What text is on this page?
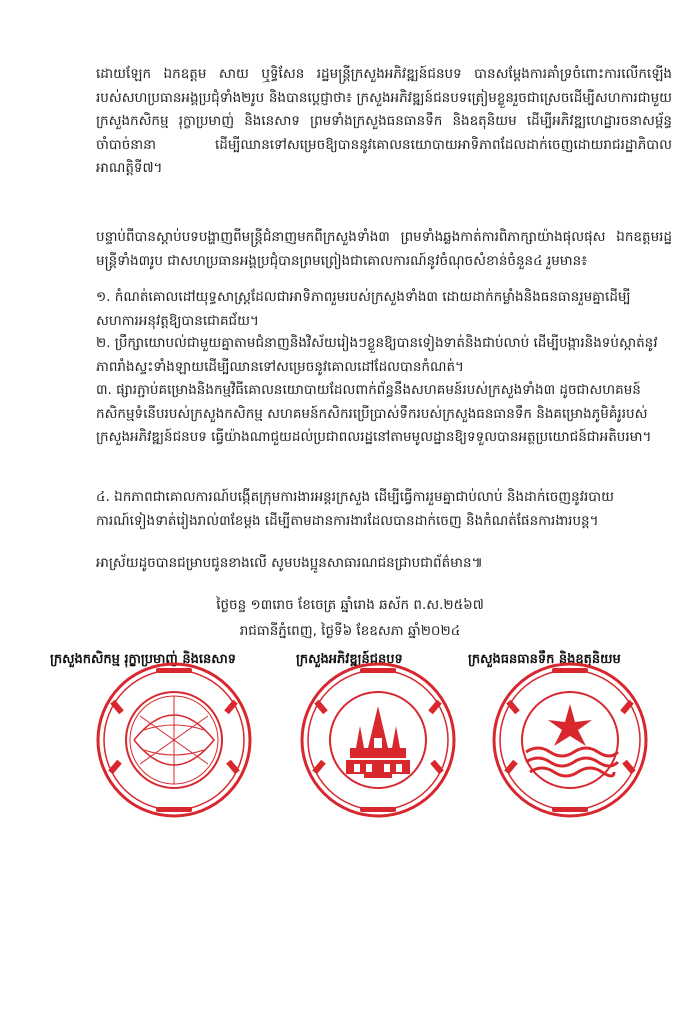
ដោយឡែក ឯកឧត្តម សាយ ឬទ្ធិសែន រដ្ឋមន្ត្រីក្រសួងអភិវឌ្ឍន៍ជនបទ បានសម្តែងការគាំទ្រចំពោះការលើកឡើងរបស់សហប្រធានអង្គប្រជុំទាំង២រូប និងបានប្តេជ្ញាថា៖ ក្រសួងអភិវឌ្ឍន៍ជនបទត្រៀមខ្លួនរួចជាស្រេចដើម្បីសហការជាមួយក្រសួងកសិកម្ម រុក្ខាប្រមាញ់ និងនេសាទ ព្រមទាំងក្រសួងធនធានទឹក និងឧតុនិយម ដើម្បីអភិវឌ្ឍហេដ្ឋារចនាសម្ព័ន្ធចាំបាច់នានា ដើម្បីឈានទៅសម្រេចឱ្យបាននូវគោលនយោបាយអាទិភាពដែលដាក់ចេញដោយរាជរដ្ឋាភិបាលអាណត្តិទី៧។
បន្ទាប់ពីបានស្តាប់បទបង្ហាញពីមន្ត្រីជំនាញមកពីក្រសួងទាំង៣ ព្រមទាំងឆ្លងកាត់ការពិភាក្សាយ៉ាងផុលផុស ឯកឧត្តមរដ្ឋមន្ត្រីទាំង៣រូប ជាសហប្រធានអង្គប្រជុំបានព្រមព្រៀងជាគោលការណ៍នូវចំណុចសំខាន់ចំនួន៤ រួមមាន៖
១. កំណត់គោលដៅយុទ្ធសាស្ត្រដែលជាអាទិភាពរួមរបស់ក្រសួងទាំង៣ ដោយដាក់កម្លាំងនិងធនធានរួមគ្នាដើម្បីសហការអនុវត្តឱ្យបានជោគជ័យ។
២. ប្រឹក្សាយោបល់ជាមួយគ្នាតាមជំនាញនិងវិស័យរៀងៗខ្លួនឱ្យបានទៀងទាត់និងជាប់លាប់ ដើម្បីបង្ការនិងទប់ស្កាត់នូវភាពរាំងស្ទះទាំងឡាយដើម្បីឈានទៅសម្រេចនូវគោលដៅដែលបានកំណត់។
៣. ផ្សារភ្ជាប់គម្រោងនិងកម្មវិធីគោលនយោបាយដែលពាក់ព័ន្ធនឹងសហគមន៍របស់ក្រសួងទាំង៣ ដូចជាសហគមន៍កសិកម្មទំនើបរបស់ក្រសួងកសិកម្ម សហគមន៍កសិករប្រើប្រាស់ទឹករបស់ក្រសួងធនធានទឹក និងគម្រោងភូមិគំរូរបស់ក្រសួងអភិវឌ្ឍន៍ជនបទ ធ្វើយ៉ាងណាជួយដល់ប្រជាពលរដ្ឋនៅតាមមូលដ្ឋានឱ្យទទួលបានអត្ថប្រយោជន៍ជាអតិបរមា។
៤. ឯកភាពជាគោលការណ៍បង្កើតក្រុមការងារអន្តរក្រសួង ដើម្បីធ្វើការរួមគ្នាជាប់លាប់ និងដាក់ចេញនូវរបាយការណ៍ទៀងទាត់រៀងរាល់៣ខែម្តង ដើម្បីតាមដានការងារដែលបានដាក់ចេញ និងកំណត់ផែនការងារបន្ត។
អាស្រ័យដូចបានជម្រាបជូនខាងលើ សូមបងប្អូនសាធារណជនជ្រាបជាព័ត៌មាន៕
ថ្ងៃចន្ទ ១៣រោច ខែចេត្រ ឆ្នាំរោង ឆស័ក ព.ស.២៥៦៧
រាជធានីភ្នំពេញ, ថ្ងៃទី៦ ខែឧសភា ឆ្នាំ២០២៤
ក្រសួងកសិកម្ម រុក្ខាប្រមាញ់ និងនេសាទ	ក្រសួងអភិវឌ្ឍន៍ជនបទ	ក្រសួងធនធានទឹក និងឧតុនិយម
